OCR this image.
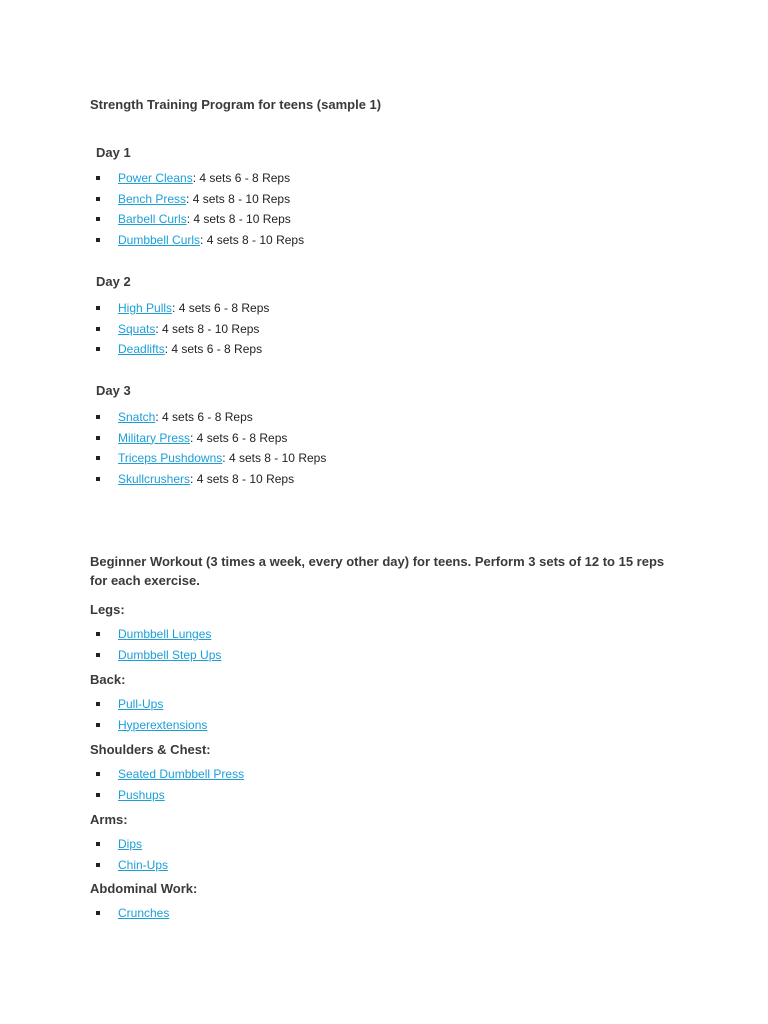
Strength Training Program for teens (sample 1)
Day 1
Power Cleans: 4 sets 6 - 8 Reps
Bench Press: 4 sets 8 - 10 Reps
Barbell Curls: 4 sets 8 - 10 Reps
Dumbbell Curls: 4 sets 8 - 10 Reps
Day 2
High Pulls: 4 sets 6 - 8 Reps
Squats: 4 sets 8 - 10 Reps
Deadlifts: 4 sets 6 - 8 Reps
Day 3
Snatch: 4 sets 6 - 8 Reps
Military Press: 4 sets 6 - 8 Reps
Triceps Pushdowns: 4 sets 8 - 10 Reps
Skullcrushers: 4 sets 8 - 10 Reps
Beginner Workout (3 times a week, every other day) for teens. Perform 3 sets of 12 to 15 reps
for each exercise.
Legs:
Dumbbell Lunges
Dumbbell Step Ups
Back:
Pull-Ups
Hyperextensions
Shoulders & Chest:
Seated Dumbbell Press
Pushups
Arms:
Dips
Chin-Ups
Abdominal Work:
Crunches
